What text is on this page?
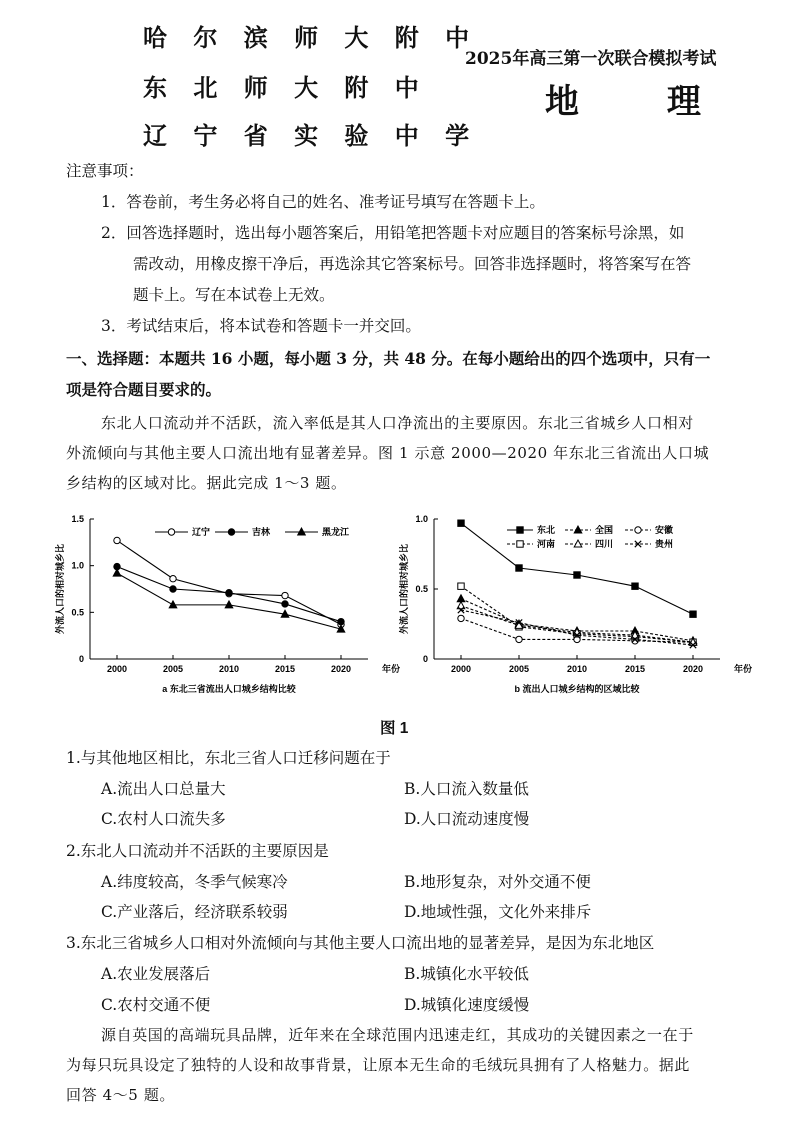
哈 尔 滨 师 大 附 中
东 北 师 大 附 中
辽 宁 省 实 验 中 学
2025年高三第一次联合模拟考试
地 理
注意事项：
1．答卷前，考生务必将自己的姓名、准考证号填写在答题卡上。
2．回答选择题时，选出每小题答案后，用铅笔把答题卡对应题目的答案标号涂黑，如
需改动，用橡皮擦干净后，再选涂其它答案标号。回答非选择题时，将答案写在答
题卡上。写在本试卷上无效。
3．考试结束后，将本试卷和答题卡一并交回。
一、选择题：本题共 16 小题，每小题 3 分，共 48 分。在每小题给出的四个选项中，只有一
项是符合题目要求的。
东北人口流动并不活跃，流入率低是其人口净流出的主要原因。东北三省城乡人口相对
外流倾向与其他主要人口流出地有显著差异。图 1 示意 2000—2020 年东北三省流出人口城
乡结构的区域对比。据此完成 1～3 题。
0
0.5
1.0
1.5
2000	2005	2010	2015	2020	年份
外流人口的相对城乡比
a 东北三省流出人口城乡结构比较
辽宁	吉林	黑龙江
0
0.5
1.0
2000	2005	2010	2015	2020	年份
外流人口的相对城乡比
b 流出人口城乡结构的区域比较
东北	全国	安徽
河南	四川	贵州
图 1
1.与其他地区相比，东北三省人口迁移问题在于
A.流出人口总量大	B.人口流入数量低
C.农村人口流失多	D.人口流动速度慢
2.东北人口流动并不活跃的主要原因是
A.纬度较高，冬季气候寒冷	B.地形复杂，对外交通不便
C.产业落后，经济联系较弱	D.地域性强，文化外来排斥
3.东北三省城乡人口相对外流倾向与其他主要人口流出地的显著差异，是因为东北地区
A.农业发展落后	B.城镇化水平较低
C.农村交通不便	D.城镇化速度缓慢
源自英国的高端玩具品牌，近年来在全球范围内迅速走红，其成功的关键因素之一在于
为每只玩具设定了独特的人设和故事背景，让原本无生命的毛绒玩具拥有了人格魅力。据此
回答 4～5 题。
